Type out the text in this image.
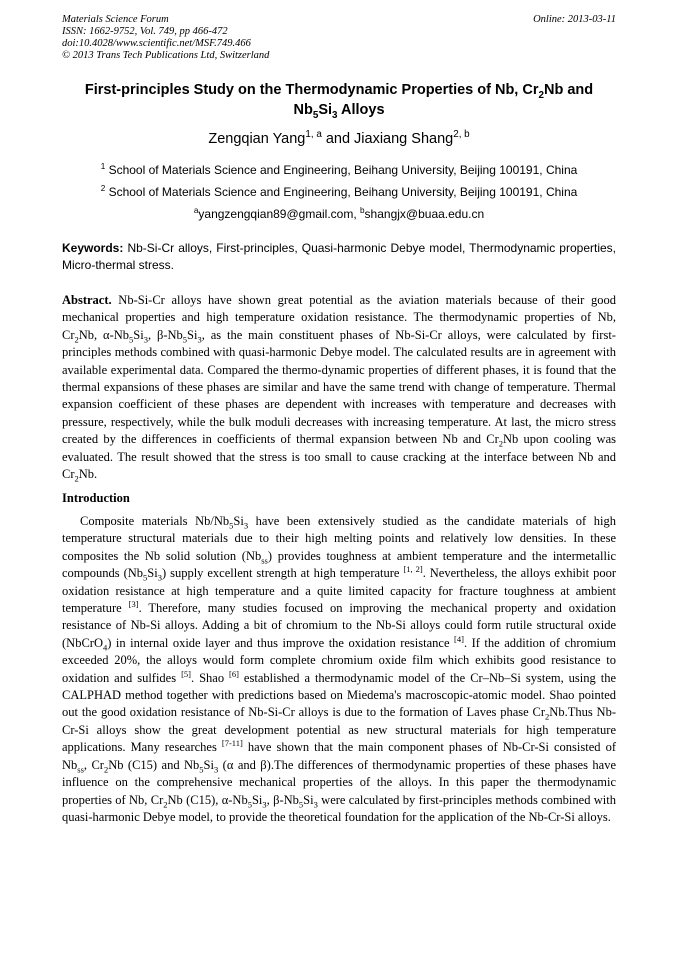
Materials Science Forum
ISSN: 1662-9752, Vol. 749, pp 466-472
doi:10.4028/www.scientific.net/MSF.749.466
© 2013 Trans Tech Publications Ltd, Switzerland
Online: 2013-03-11
First-principles Study on the Thermodynamic Properties of Nb, $Cr_2Nb$ and $Nb_5Si_3$ Alloys
Zengqian Yang$^{1, a}$ and Jiaxiang Shang$^{2, b}$
$^1$ School of Materials Science and Engineering, Beihang University, Beijing 100191, China
$^2$ School of Materials Science and Engineering, Beihang University, Beijing 100191, China
$^a$yangzengqian89@gmail.com, $^b$shangjx@buaa.edu.cn
Keywords: Nb-Si-Cr alloys, First-principles, Quasi-harmonic Debye model, Thermodynamic properties, Micro-thermal stress.
Abstract. Nb-Si-Cr alloys have shown great potential as the aviation materials because of their good mechanical properties and high temperature oxidation resistance. The thermodynamic properties of Nb, $Cr_2Nb$, $\alpha-Nb_5Si_3$, $\beta-Nb_5Si_3$, as the main constituent phases of Nb-Si-Cr alloys, were calculated by first-principles methods combined with quasi-harmonic Debye model. The calculated results are in agreement with available experimental data. Compared the thermo-dynamic properties of different phases, it is found that the thermal expansions of these phases are similar and have the same trend with change of temperature. Thermal expansion coefficient of these phases are dependent with increases with temperature and decreases with pressure, respectively, while the bulk moduli decreases with increasing temperature. At last, the micro stress created by the differences in coefficients of thermal expansion between Nb and $Cr_2Nb$ upon cooling was evaluated. The result showed that the stress is too small to cause cracking at the interface between Nb and $Cr_2Nb$.
Introduction
Composite materials $Nb/Nb_5Si_3$ have been extensively studied as the candidate materials of high temperature structural materials due to their high melting points and relatively low densities. In these composites the Nb solid solution $(Nb_{ss})$ provides toughness at ambient temperature and the intermetallic compounds $(Nb_5Si_3)$ supply excellent strength at high temperature [1, 2]. Nevertheless, the alloys exhibit poor oxidation resistance at high temperature and a quite limited capacity for fracture toughness at ambient temperature [3]. Therefore, many studies focused on improving the mechanical property and oxidation resistance of Nb-Si alloys. Adding a bit of chromium to the Nb-Si alloys could form rutile structural oxide (NbCrO$_4$) in internal oxide layer and thus improve the oxidation resistance [4]. If the addition of chromium exceeded 20%, the alloys would form complete chromium oxide film which exhibits good resistance to oxidation and sulfides [5]. Shao [6] established a thermodynamic model of the Cr–Nb–Si system, using the CALPHAD method together with predictions based on Miedema's macroscopic-atomic model. Shao pointed out the good oxidation resistance of Nb-Si-Cr alloys is due to the formation of Laves phase $Cr_2Nb.Thus$ Nb-Cr-Si alloys show the great development potential as new structural materials for high temperature applications. Many researches [7-11] have shown that the main component phases of Nb-Cr-Si consisted of $Nb_{ss}$, $Cr_2Nb$ (C15) and $Nb_5Si_3$ (α and β).The differences of thermodynamic properties of these phases have influence on the comprehensive mechanical properties of the alloys. In this paper the thermodynamic properties of Nb, $Cr_2Nb$ (C15), $\alpha-Nb_5Si_3$, $\beta-Nb_5Si_3$ were calculated by first-principles methods combined with quasi-harmonic Debye model, to provide the theoretical foundation for the application of the Nb-Cr-Si alloys.
